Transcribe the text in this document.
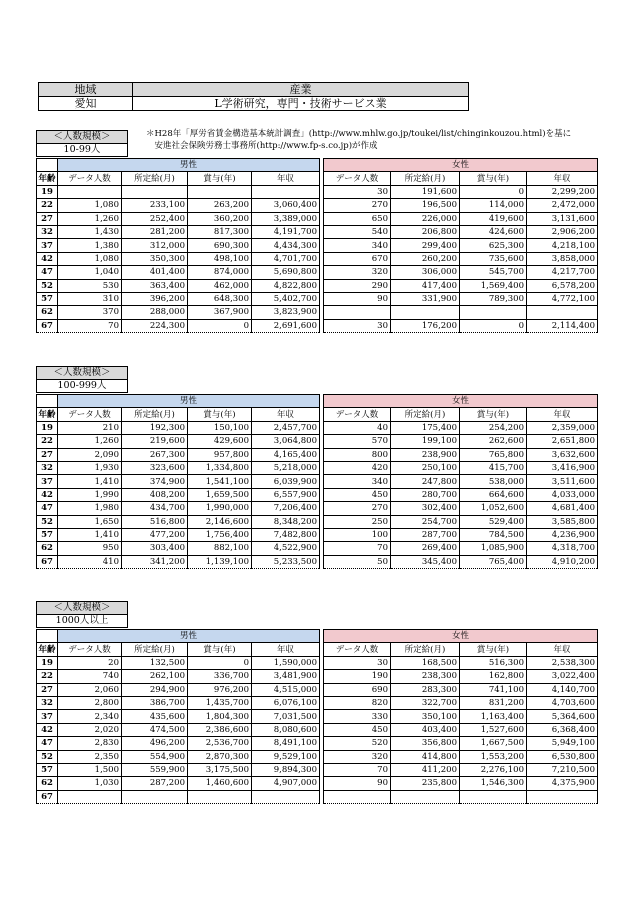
地域	産業
愛知	L学術研究，専門・技術サービス業
＊H28年「厚労省賃金構造基本統計調査」(http://www.mhlw.go.jp/toukei/list/chinginkouzou.html)を基に
　安進社会保険労務士事務所(http://www.fp-s.co.jp)が作成
＜人数規模＞
10-99人
	男性					女性			
年齢	データ人数	所定給(月)	賞与(年)	年収		データ人数	所定給(月)	賞与(年)	年収
19						30	191,600	0	2,299,200
22	1,080	233,100	263,200	3,060,400		270	196,500	114,000	2,472,000
27	1,260	252,400	360,200	3,389,000		650	226,000	419,600	3,131,600
32	1,430	281,200	817,300	4,191,700		540	206,800	424,600	2,906,200
37	1,380	312,000	690,300	4,434,300		340	299,400	625,300	4,218,100
42	1,080	350,300	498,100	4,701,700		670	260,200	735,600	3,858,000
47	1,040	401,400	874,000	5,690,800		320	306,000	545,700	4,217,700
52	530	363,400	462,000	4,822,800		290	417,400	1,569,400	6,578,200
57	310	396,200	648,300	5,402,700		90	331,900	789,300	4,772,100
62	370	288,000	367,900	3,823,900					
67	70	224,300	0	2,691,600		30	176,200	0	2,114,400
＜人数規模＞
100-999人
	男性					女性			
年齢	データ人数	所定給(月)	賞与(年)	年収		データ人数	所定給(月)	賞与(年)	年収
19	210	192,300	150,100	2,457,700		40	175,400	254,200	2,359,000
22	1,260	219,600	429,600	3,064,800		570	199,100	262,600	2,651,800
27	2,090	267,300	957,800	4,165,400		800	238,900	765,800	3,632,600
32	1,930	323,600	1,334,800	5,218,000		420	250,100	415,700	3,416,900
37	1,410	374,900	1,541,100	6,039,900		340	247,800	538,000	3,511,600
42	1,990	408,200	1,659,500	6,557,900		450	280,700	664,600	4,033,000
47	1,980	434,700	1,990,000	7,206,400		270	302,400	1,052,600	4,681,400
52	1,650	516,800	2,146,600	8,348,200		250	254,700	529,400	3,585,800
57	1,410	477,200	1,756,400	7,482,800		100	287,700	784,500	4,236,900
62	950	303,400	882,100	4,522,900		70	269,400	1,085,900	4,318,700
67	410	341,200	1,139,100	5,233,500		50	345,400	765,400	4,910,200
＜人数規模＞
1000人以上
	男性					女性			
年齢	データ人数	所定給(月)	賞与(年)	年収		データ人数	所定給(月)	賞与(年)	年収
19	20	132,500	0	1,590,000		30	168,500	516,300	2,538,300
22	740	262,100	336,700	3,481,900		190	238,300	162,800	3,022,400
27	2,060	294,900	976,200	4,515,000		690	283,300	741,100	4,140,700
32	2,800	386,700	1,435,700	6,076,100		820	322,700	831,200	4,703,600
37	2,340	435,600	1,804,300	7,031,500		330	350,100	1,163,400	5,364,600
42	2,020	474,500	2,386,600	8,080,600		450	403,400	1,527,600	6,368,400
47	2,830	496,200	2,536,700	8,491,100		520	356,800	1,667,500	5,949,100
52	2,350	554,900	2,870,300	9,529,100		320	414,800	1,553,200	6,530,800
57	1,500	559,900	3,175,500	9,894,300		70	411,200	2,276,100	7,210,500
62	1,030	287,200	1,460,600	4,907,000		90	235,800	1,546,300	4,375,900
67									
